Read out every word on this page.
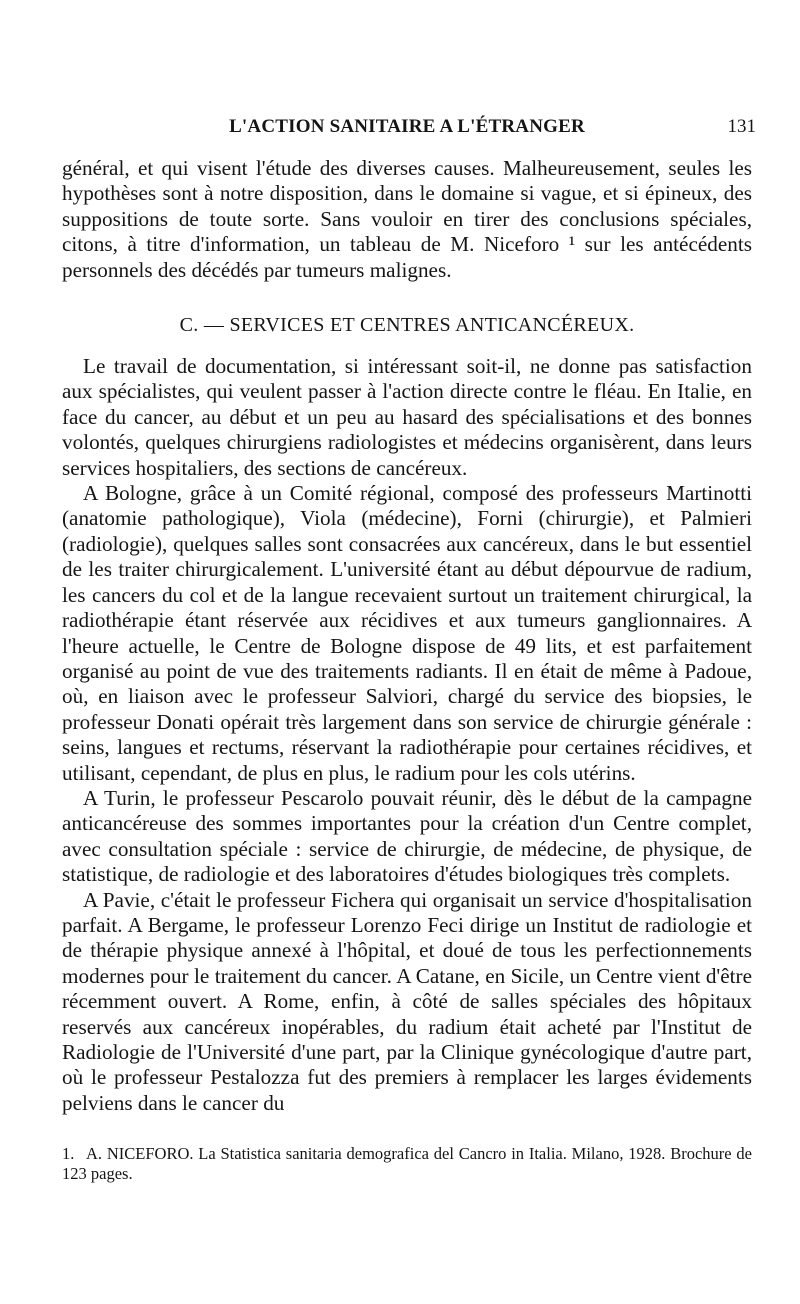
L'ACTION SANITAIRE A L'ÉTRANGER	131

général, et qui visent l'étude des diverses causes. Malheureusement, seules les hypothèses sont à notre disposition, dans le domaine si vague, et si épineux, des suppositions de toute sorte. Sans vouloir en tirer des conclusions spéciales, citons, à titre d'information, un tableau de M. Niceforo ¹ sur les antécédents personnels des décédés par tumeurs malignes.

C. — SERVICES ET CENTRES ANTICANCÉREUX.

Le travail de documentation, si intéressant soit-il, ne donne pas satisfaction aux spécialistes, qui veulent passer à l'action directe contre le fléau. En Italie, en face du cancer, au début et un peu au hasard des spécialisations et des bonnes volontés, quelques chirurgiens radiologistes et médecins organisèrent, dans leurs services hospitaliers, des sections de cancéreux.

A Bologne, grâce à un Comité régional, composé des professeurs Martinotti (anatomie pathologique), Viola (médecine), Forni (chirurgie), et Palmieri (radiologie), quelques salles sont consacrées aux cancéreux, dans le but essentiel de les traiter chirurgicalement. L'université étant au début dépourvue de radium, les cancers du col et de la langue recevaient surtout un traitement chirurgical, la radiothérapie étant réservée aux récidives et aux tumeurs ganglionnaires. A l'heure actuelle, le Centre de Bologne dispose de 49 lits, et est parfaitement organisé au point de vue des traitements radiants. Il en était de même à Padoue, où, en liaison avec le professeur Salviori, chargé du service des biopsies, le professeur Donati opérait très largement dans son service de chirurgie générale : seins, langues et rectums, réservant la radiothérapie pour certaines récidives, et utilisant, cependant, de plus en plus, le radium pour les cols utérins.

A Turin, le professeur Pescarolo pouvait réunir, dès le début de la campagne anticancéreuse des sommes importantes pour la création d'un Centre complet, avec consultation spéciale : service de chirurgie, de médecine, de physique, de statistique, de radiologie et des laboratoires d'études biologiques très complets.

A Pavie, c'était le professeur Fichera qui organisait un service d'hospitalisation parfait. A Bergame, le professeur Lorenzo Feci dirige un Institut de radiologie et de thérapie physique annexé à l'hôpital, et doué de tous les perfectionnements modernes pour le traitement du cancer. A Catane, en Sicile, un Centre vient d'être récemment ouvert. A Rome, enfin, à côté de salles spéciales des hôpitaux reservés aux cancéreux inopérables, du radium était acheté par l'Institut de Radiologie de l'Université d'une part, par la Clinique gynécologique d'autre part, où le professeur Pestalozza fut des premiers à remplacer les larges évidements pelviens dans le cancer du

1. A. NICEFORO. La Statistica sanitaria demografica del Cancro in Italia. Milano, 1928. Brochure de 123 pages.
